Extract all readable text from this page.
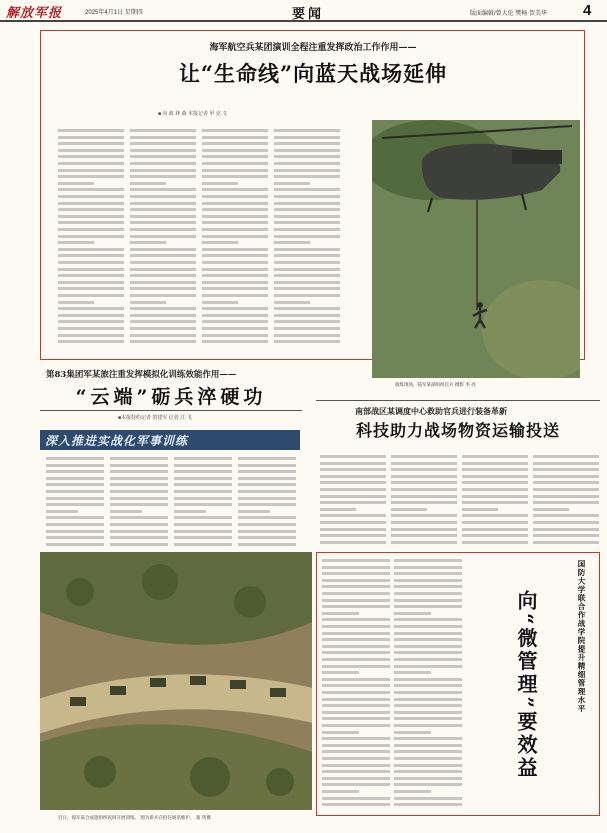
解放军报	2025年4月1日 星期四	要闻	版面编辑/曾大伦 樊畅 贺美华 4
海军航空兵某团演训全程注重发挥政治工作作用——
让“生命线”向蓝天战场延伸
■ 向 政 林 森 本报记者 甲 克 文
演练现场，陆军某部组织官兵 摄影 李 亮
第83集团军某旅注重发挥模拟化训练效能作用——
“云端”砺兵淬硬功
■本报特约记者 贺建军 记者 江 飞
深入推进实战化军事训练
近日，海军某合成旅组织夜间开展训练。 图为新兵在担任通讯维护。 秦 剑摄
南部战区某调度中心救助官兵进行装备革新
科技助力战场物资运输投送
向“微管理”要效益	国防大学联合作战学院提升精细管理水平
